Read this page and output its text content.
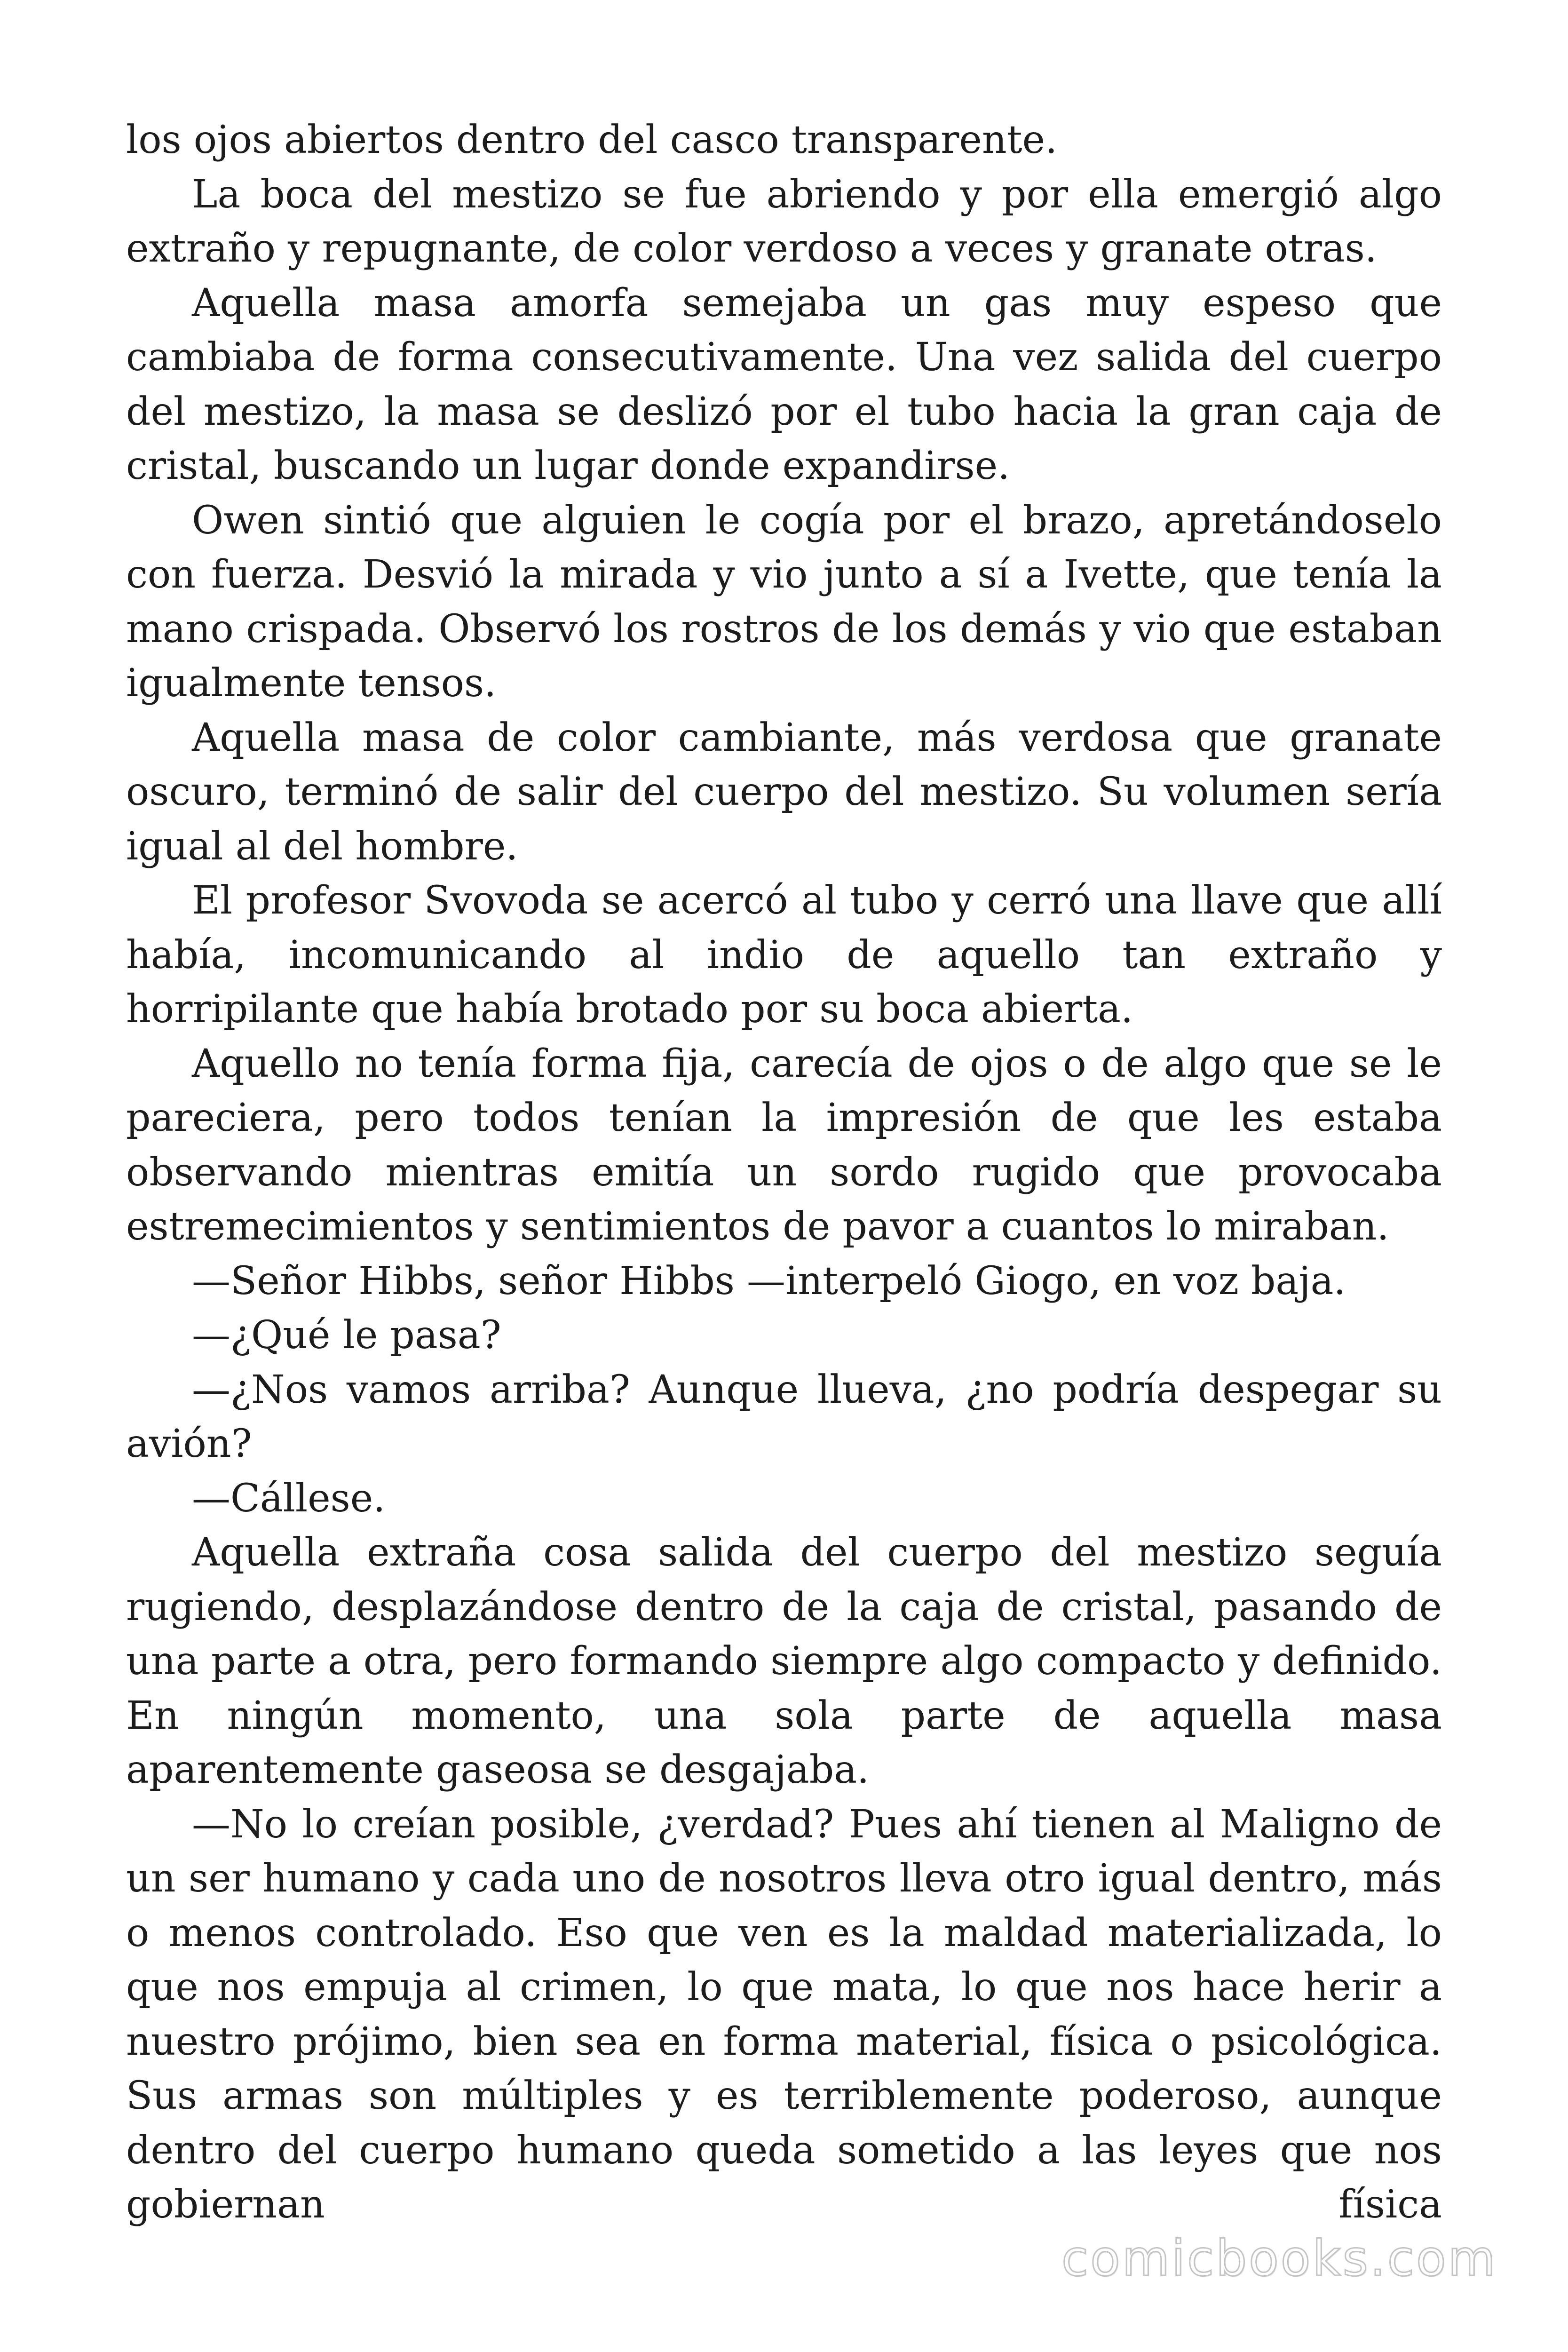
los ojos abiertos dentro del casco transparente.

La boca del mestizo se fue abriendo y por ella emergió algo extraño y repugnante, de color verdoso a veces y granate otras.

Aquella masa amorfa semejaba un gas muy espeso que cambiaba de forma consecutivamente. Una vez salida del cuerpo del mestizo, la masa se deslizó por el tubo hacia la gran caja de cristal, buscando un lugar donde expandirse.

Owen sintió que alguien le cogía por el brazo, apretándoselo con fuerza. Desvió la mirada y vio junto a sí a Ivette, que tenía la mano crispada. Observó los rostros de los demás y vio que estaban igualmente tensos.

Aquella masa de color cambiante, más verdosa que granate oscuro, terminó de salir del cuerpo del mestizo. Su volumen sería igual al del hombre.

El profesor Svovoda se acercó al tubo y cerró una llave que allí había, incomunicando al indio de aquello tan extraño y horripilante que había brotado por su boca abierta.

Aquello no tenía forma fija, carecía de ojos o de algo que se le pareciera, pero todos tenían la impresión de que les estaba observando mientras emitía un sordo rugido que provocaba estremecimientos y sentimientos de pavor a cuantos lo miraban.

—Señor Hibbs, señor Hibbs —interpeló Giogo, en voz baja.

—¿Qué le pasa?

—¿Nos vamos arriba? Aunque llueva, ¿no podría despegar su avión?

—Cállese.

Aquella extraña cosa salida del cuerpo del mestizo seguía rugiendo, desplazándose dentro de la caja de cristal, pasando de una parte a otra, pero formando siempre algo compacto y definido. En ningún momento, una sola parte de aquella masa aparentemente gaseosa se desgajaba.

—No lo creían posible, ¿verdad? Pues ahí tienen al Maligno de un ser humano y cada uno de nosotros lleva otro igual dentro, más o menos controlado. Eso que ven es la maldad materializada, lo que nos empuja al crimen, lo que mata, lo que nos hace herir a nuestro prójimo, bien sea en forma material, física o psicológica. Sus armas son múltiples y es terriblemente poderoso, aunque dentro del cuerpo humano queda sometido a las leyes que nos gobiernan física

comicbooks.com
